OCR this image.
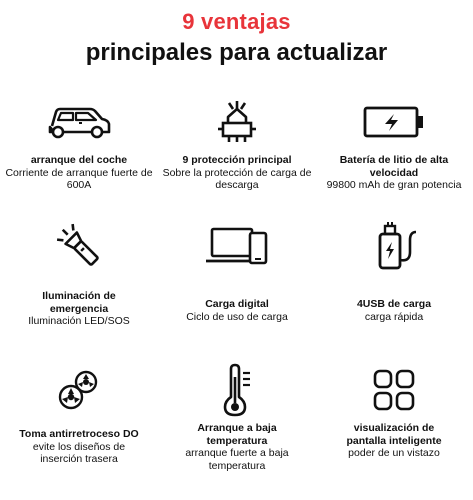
9 ventajas
principales para actualizar
arranque del coche
Corriente de arranque fuerte de 600A
9 protección principal
Sobre la protección de carga de descarga
Batería de litio de alta velocidad
99800 mAh de gran potencia
Iluminación de emergencia
Iluminación LED/SOS
Carga digital
Ciclo de uso de carga
4USB de carga
carga rápida
Toma antirretroceso DO
evite los diseños de inserción trasera
Arranque a baja temperatura
arranque fuerte a baja temperatura
visualización de pantalla inteligente
poder de un vistazo
